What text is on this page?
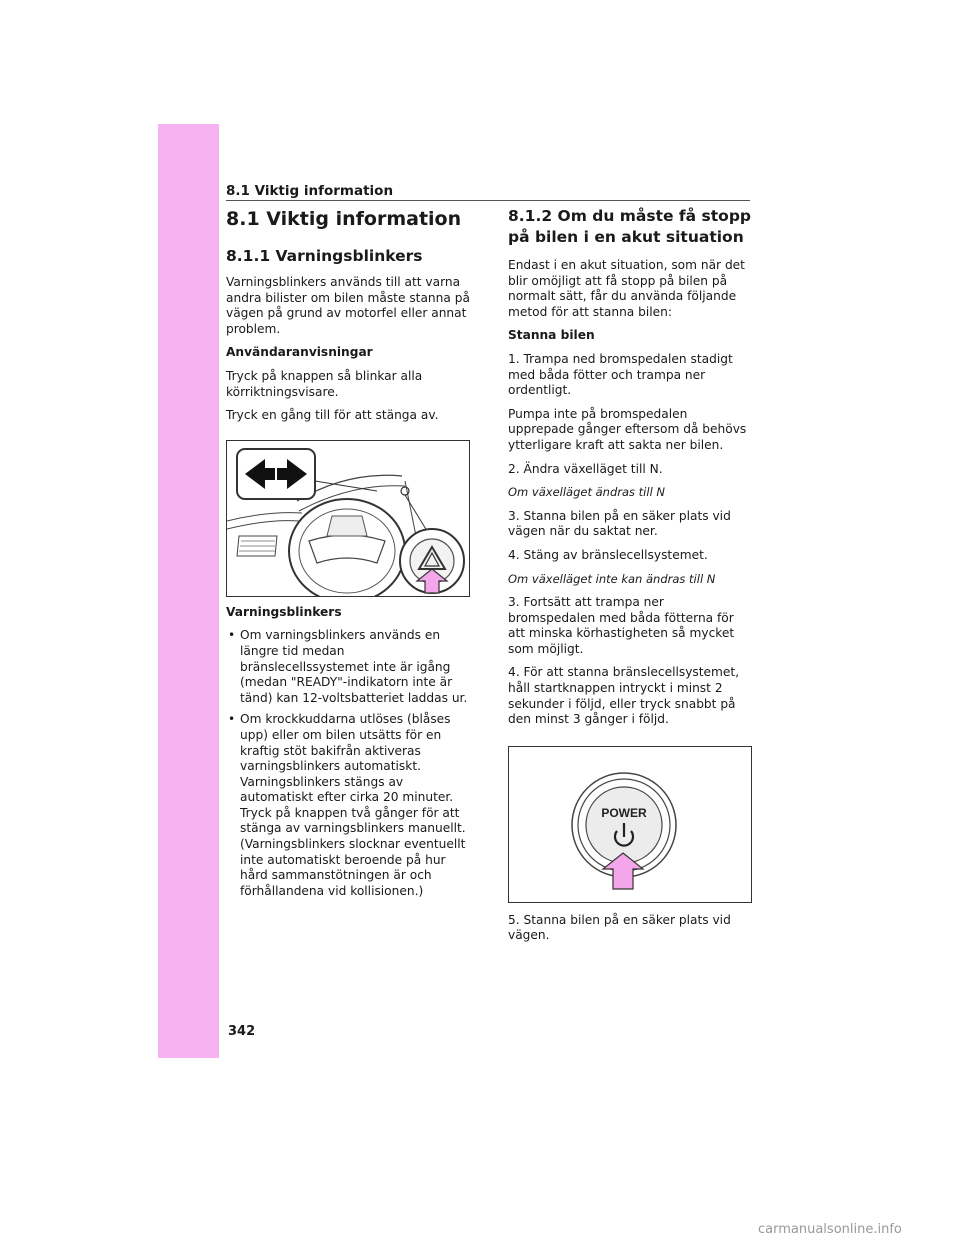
8.1 Viktig information
8.1 Viktig information
8.1.1 Varningsblinkers

Varningsblinkers används till att varna andra bilister om bilen måste stanna på vägen på grund av motorfel eller annat problem.

Användaranvisningar

Tryck på knappen så blinkar alla körriktningsvisare.

Tryck en gång till för att stänga av.

Varningsblinkers

• Om varningsblinkers används en längre tid medan bränslecellssystemet inte är igång (medan "READY"-indikatorn inte är tänd) kan 12-voltsbatteriet laddas ur.
• Om krockkuddarna utlöses (blåses upp) eller om bilen utsätts för en kraftig stöt bakifrån aktiveras varningsblinkers automatiskt. Varningsblinkers stängs av automatiskt efter cirka 20 minuter. Tryck på knappen två gånger för att stänga av varningsblinkers manuellt. (Varningsblinkers slocknar eventuellt inte automatiskt beroende på hur hård sammanstötningen är och förhållandena vid kollisionen.)
8.1.2 Om du måste få stopp på bilen i en akut situation

Endast i en akut situation, som när det blir omöjligt att få stopp på bilen på normalt sätt, får du använda följande metod för att stanna bilen:

Stanna bilen

1. Trampa ned bromspedalen stadigt med båda fötter och trampa ner ordentligt.

Pumpa inte på bromspedalen upprepade gånger eftersom då behövs ytterligare kraft att sakta ner bilen.

2. Ändra växelläget till N.

Om växelläget ändras till N

3. Stanna bilen på en säker plats vid vägen när du saktat ner.

4. Stäng av bränslecellsystemet.

Om växelläget inte kan ändras till N

3. Fortsätt att trampa ner bromspedalen med båda fötterna för att minska körhastigheten så mycket som möjligt.

4. För att stanna bränslecellsystemet, håll startknappen intryckt i minst 2 sekunder i följd, eller tryck snabbt på den minst 3 gånger i följd.

POWER

5. Stanna bilen på en säker plats vid vägen.

342
carmanualsonline.info
